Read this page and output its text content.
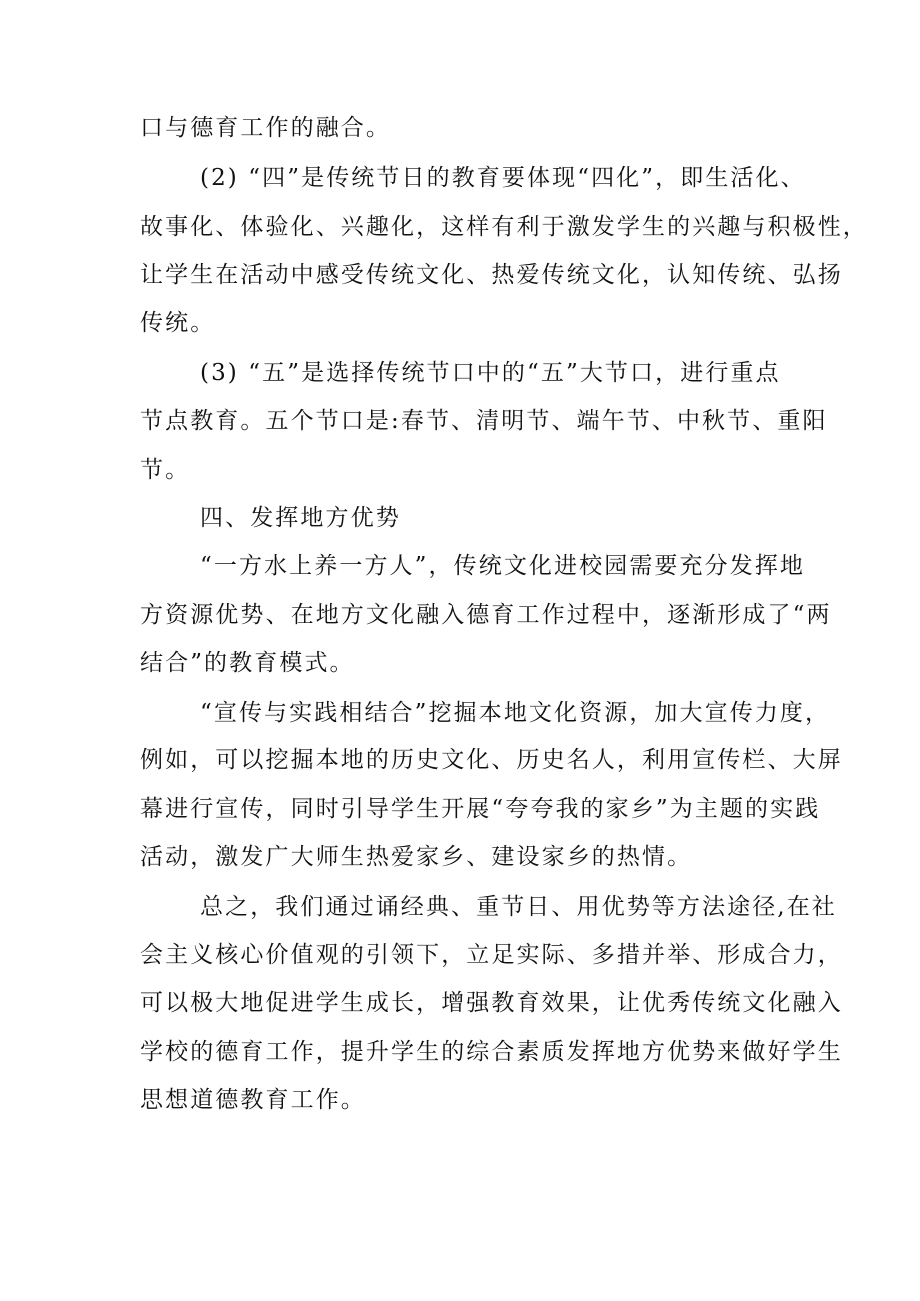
口与德育工作的融合。
(2) “四”是传统节日的教育要体现“四化”，即生活化、
故事化、体验化、兴趣化，这样有利于激发学生的兴趣与积极性，
让学生在活动中感受传统文化、热爱传统文化，认知传统、弘扬
传统。
(3) “五”是选择传统节口中的“五”大节口，进行重点
节点教育。五个节口是:春节、清明节、端午节、中秋节、重阳
节。
四、发挥地方优势
“一方水上养一方人”，传统文化进校园需要充分发挥地
方资源优势、在地方文化融入德育工作过程中，逐渐形成了“两
结合”的教育模式。
“宣传与实践相结合”挖掘本地文化资源，加大宣传力度，
例如，可以挖掘本地的历史文化、历史名人，利用宣传栏、大屏
幕进行宣传，同时引导学生开展“夸夸我的家乡”为主题的实践
活动，激发广大师生热爱家乡、建设家乡的热情。
总之，我们通过诵经典、重节日、用优势等方法途径,在社
会主义核心价值观的引领下，立足实际、多措并举、形成合力，
可以极大地促进学生成长，增强教育效果，让优秀传统文化融入
学校的德育工作，提升学生的综合素质发挥地方优势来做好学生
思想道德教育工作。
